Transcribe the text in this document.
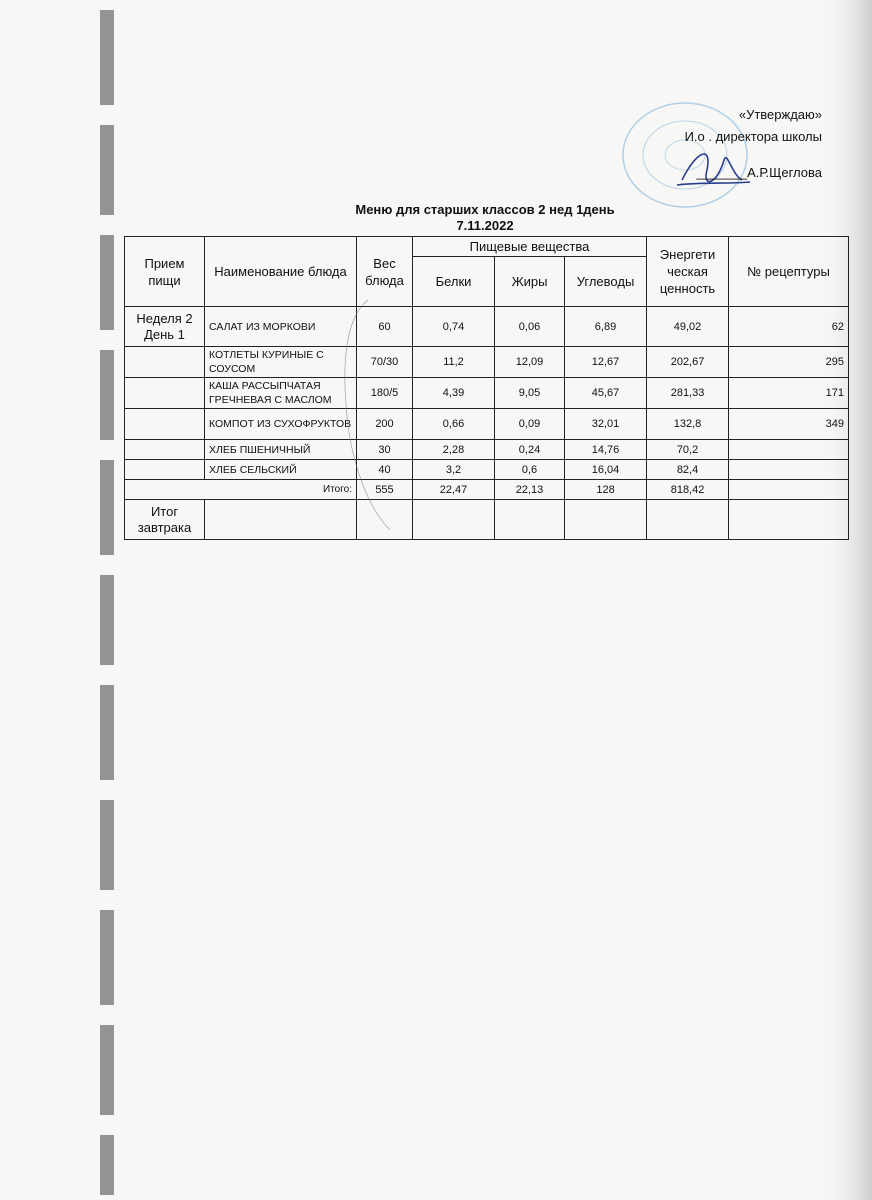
«Утверждаю»
И.о . директора школы
_______А.Р.Щеглова
Меню для старших классов 2 нед 1день
7.11.2022
Прием пищи	Наименование блюда	Вес блюда	Пищевые вещества			Энергети ческая ценность	№ рецептуры
			Белки	Жиры	Углеводы		
Неделя 2 День 1	САЛАТ ИЗ МОРКОВИ	60	0,74	0,06	6,89	49,02	62
	КОТЛЕТЫ КУРИНЫЕ С СОУСОМ	70/30	11,2	12,09	12,67	202,67	295
	КАША РАССЫПЧАТАЯ ГРЕЧНЕВАЯ С МАСЛОМ	180/5	4,39	9,05	45,67	281,33	171
	КОМПОТ ИЗ СУХОФРУКТОВ	200	0,66	0,09	32,01	132,8	349
	ХЛЕБ ПШЕНИЧНЫЙ	30	2,28	0,24	14,76	70,2	
	ХЛЕБ СЕЛЬСКИЙ	40	3,2	0,6	16,04	82,4	
Итого:		555	22,47	22,13	128	818,42	
Итог завтрака							
